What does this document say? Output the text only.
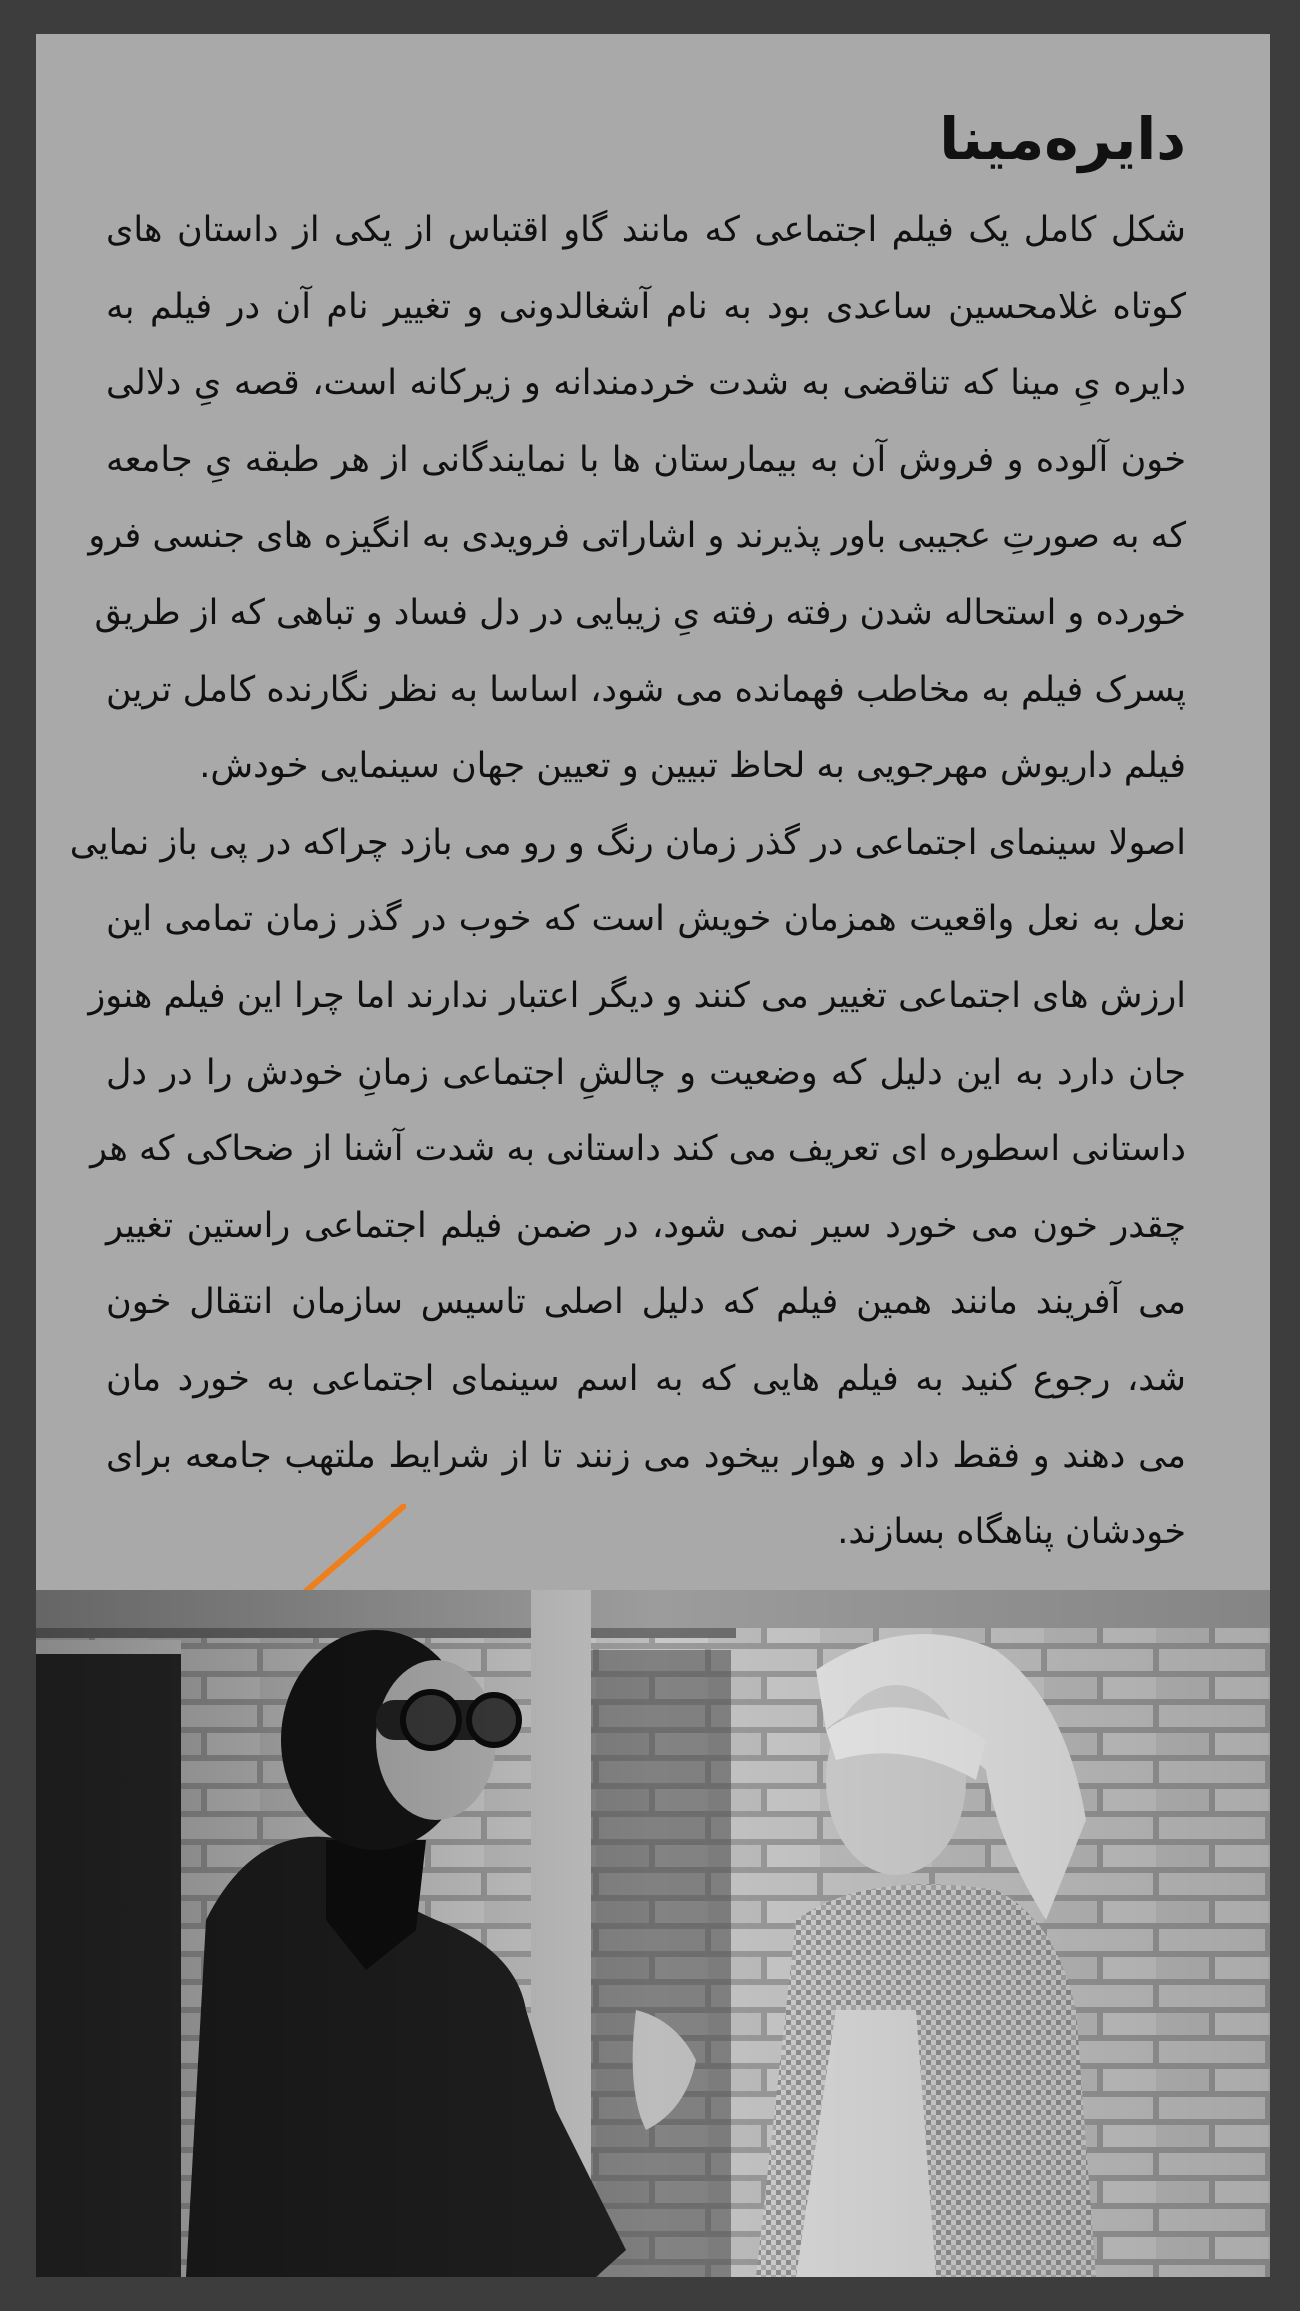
دایره‌مینا
شکل کامل یک فیلم اجتماعی که مانند گاو اقتباس از یکی از داستان های
کوتاه غلامحسین ساعدی بود به نام آشغالدونی و تغییر نام آن در فیلم به
دایره یِ مینا که تناقضی به شدت خردمندانه و زیرکانه است، قصه یِ دلالی
خون آلوده و فروش آن به بیمارستان ها با نمایندگانی از هر طبقه یِ جامعه
که به صورتِ عجیبی باور پذیرند و اشاراتی فرویدی به انگیزه های جنسی فرو
خورده و استحاله شدن رفته رفته یِ زیبایی در دل فساد و تباهی که از طریق
پسرک فیلم به مخاطب فهمانده می شود، اساسا به نظر نگارنده کامل ترین
فیلم داریوش مهرجویی به لحاظ تبیین و تعیین جهان سینمایی خودش.
اصولا سینمای اجتماعی در گذر زمان رنگ و رو می بازد چراکه در پی باز نمایی
نعل به نعل واقعیت همزمان خویش است که خوب در گذر زمان تمامی این
ارزش های اجتماعی تغییر می کنند و دیگر اعتبار ندارند اما چرا این فیلم هنوز
جان دارد به این دلیل که وضعیت و چالشِ اجتماعی زمانِ خودش را در دل
داستانی اسطوره ای تعریف می کند داستانی به شدت آشنا از ضحاکی که هر
چقدر خون می خورد سیر نمی شود، در ضمن فیلم اجتماعی راستین تغییر
می آفریند مانند همین فیلم که دلیل اصلی تاسیس سازمان انتقال خون
شد، رجوع کنید به فیلم هایی که به اسم سینمای اجتماعی به خورد مان
می دهند و فقط داد و هوار بیخود می زنند تا از شرایط ملتهب جامعه برای
خودشان پناهگاه بسازند.
